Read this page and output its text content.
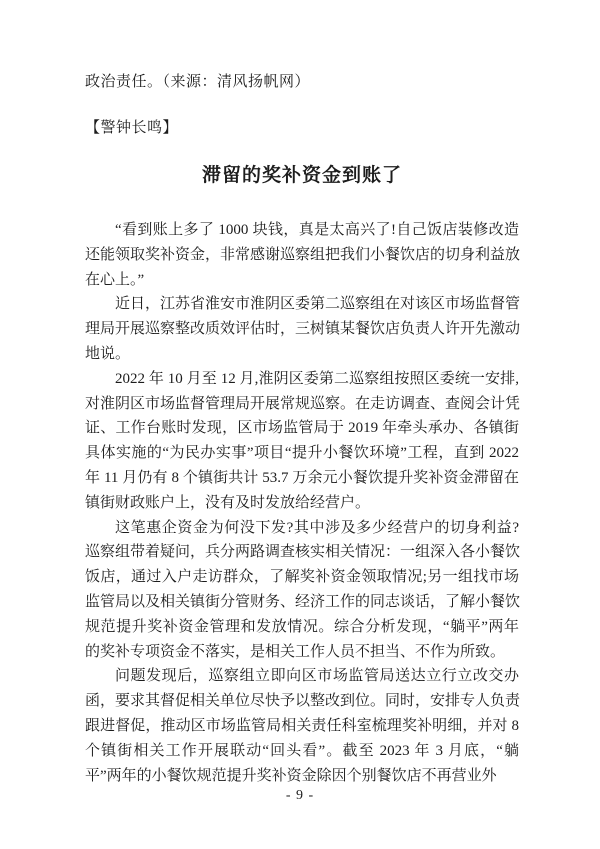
政治责任。（来源：清风扬帆网）
【警钟长鸣】
滞留的奖补资金到账了
“看到账上多了 1000 块钱，真是太高兴了!自己饭店装修改造
还能领取奖补资金，非常感谢巡察组把我们小餐饮店的切身利益放
在心上。”
近日，江苏省淮安市淮阴区委第二巡察组在对该区市场监督管
理局开展巡察整改质效评估时，三树镇某餐饮店负责人许开先激动
地说。
2022 年 10 月至 12 月,淮阴区委第二巡察组按照区委统一安排,
对淮阴区市场监督管理局开展常规巡察。在走访调查、查阅会计凭
证、工作台账时发现，区市场监管局于 2019 年牵头承办、各镇街
具体实施的“为民办实事”项目“提升小餐饮环境”工程，直到 2022
年 11 月仍有 8 个镇街共计 53.7 万余元小餐饮提升奖补资金滞留在
镇街财政账户上，没有及时发放给经营户。
这笔惠企资金为何没下发?其中涉及多少经营户的切身利益?
巡察组带着疑问，兵分两路调查核实相关情况：一组深入各小餐饮
饭店，通过入户走访群众，了解奖补资金领取情况;另一组找市场
监管局以及相关镇街分管财务、经济工作的同志谈话，了解小餐饮
规范提升奖补资金管理和发放情况。综合分析发现，“躺平”两年
的奖补专项资金不落实，是相关工作人员不担当、不作为所致。
问题发现后，巡察组立即向区市场监管局送达立行立改交办
函，要求其督促相关单位尽快予以整改到位。同时，安排专人负责
跟进督促，推动区市场监管局相关责任科室梳理奖补明细，并对 8
个镇街相关工作开展联动“回头看”。截至 2023 年 3 月底，“躺
平”两年的小餐饮规范提升奖补资金除因个别餐饮店不再营业外
- 9 -
